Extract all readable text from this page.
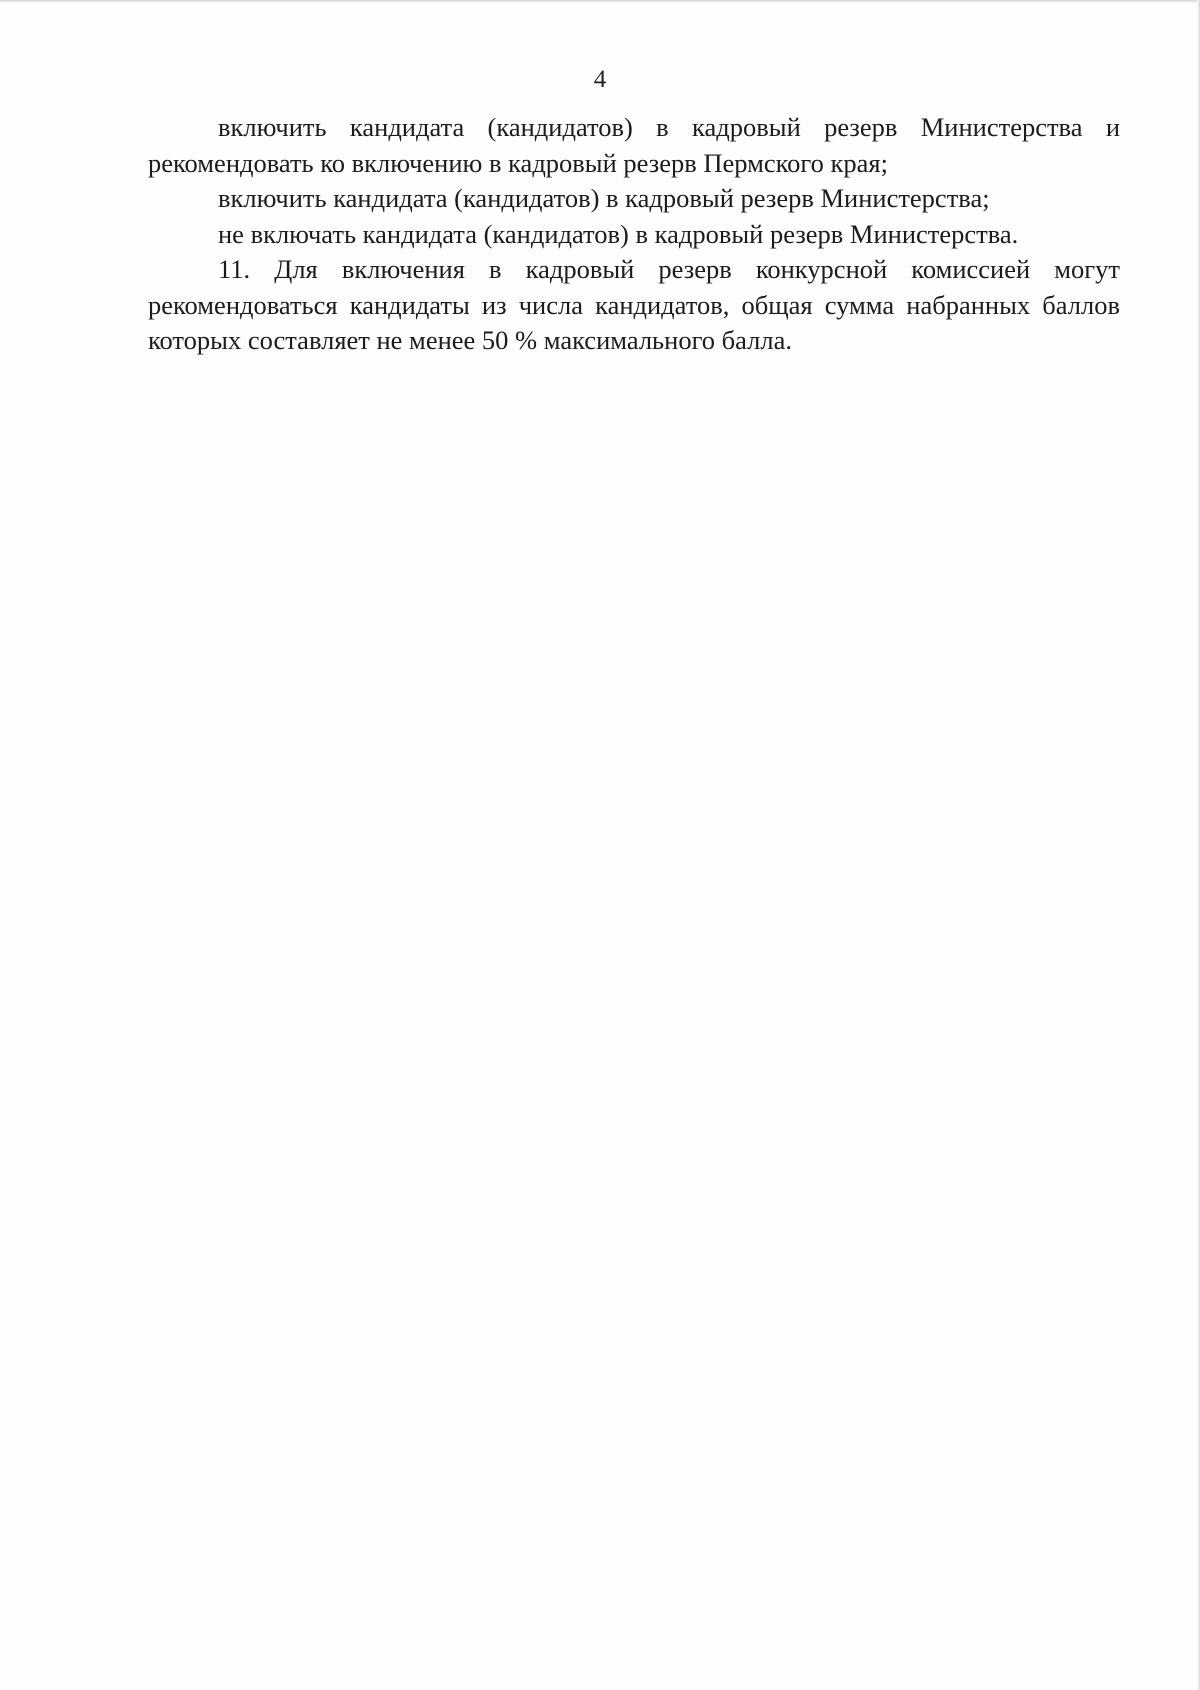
4

включить кандидата (кандидатов) в кадровый резерв Министерства и рекомендовать ко включению в кадровый резерв Пермского края;

включить кандидата (кандидатов) в кадровый резерв Министерства;

не включать кандидата (кандидатов) в кадровый резерв Министерства.

11. Для включения в кадровый резерв конкурсной комиссией могут рекомендоваться кандидаты из числа кандидатов, общая сумма набранных баллов которых составляет не менее 50 % максимального балла.
